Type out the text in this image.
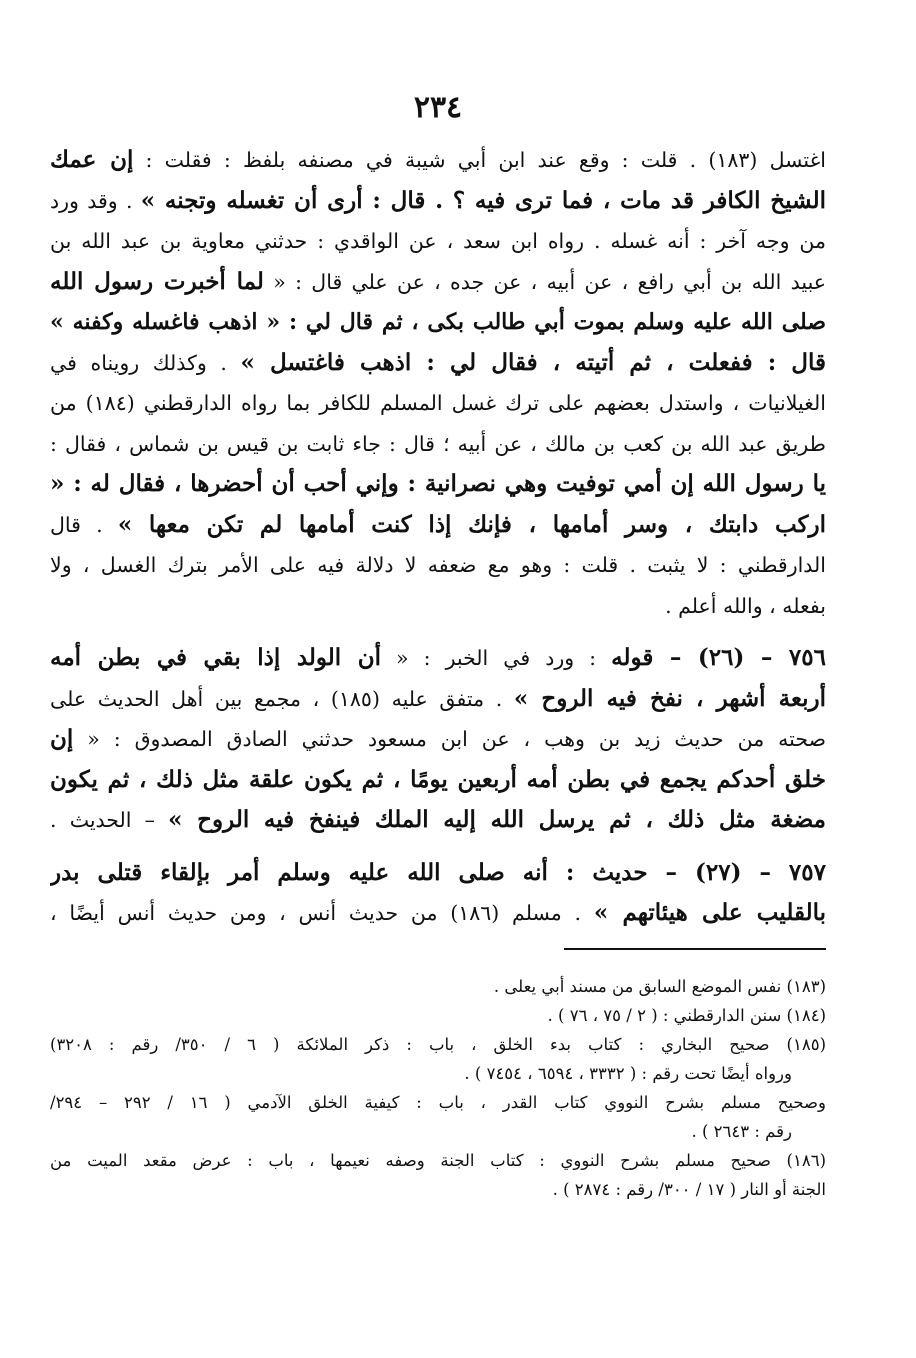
٢٣٤
اغتسل (١٨٣) . قلت : وقع عند ابن أبي شيبة في مصنفه بلفظ : فقلت : إن عمك
الشيخ الكافر قد مات ، فما ترى فيه ؟ . قال : أرى أن تغسله وتجنه » . وقد ورد
من وجه آخر : أنه غسله . رواه ابن سعد ، عن الواقدي : حدثني معاوية بن عبد الله بن
عبيد الله بن أبي رافع ، عن أبيه ، عن جده ، عن علي قال : « لما أخبرت رسول الله
صلى الله عليه وسلم بموت أبي طالب بكى ، ثم قال لي : « اذهب فاغسله وكفنه »
قال : ففعلت ، ثم أتيته ، فقال لي : اذهب فاغتسل » . وكذلك رويناه في
الغيلانيات ، واستدل بعضهم على ترك غسل المسلم للكافر بما رواه الدارقطني (١٨٤) من
طريق عبد الله بن كعب بن مالك ، عن أبيه ؛ قال : جاء ثابت بن قيس بن شماس ، فقال :
يا رسول الله إن أمي توفيت وهي نصرانية : وإني أحب أن أحضرها ، فقال له : «
اركب دابتك ، وسر أمامها ، فإنك إذا كنت أمامها لم تكن معها » . قال
الدارقطني : لا يثبت . قلت : وهو مع ضعفه لا دلالة فيه على الأمر بترك الغسل ، ولا
بفعله ، والله أعلم .
٧٥٦ – (٢٦) – قوله : ورد في الخبر : « أن الولد إذا بقي في بطن أمه
أربعة أشهر ، نفخ فيه الروح » . متفق عليه (١٨٥) ، مجمع بين أهل الحديث على
صحته من حديث زيد بن وهب ، عن ابن مسعود حدثني الصادق المصدوق : « إن
خلق أحدكم يجمع في بطن أمه أربعين يومًا ، ثم يكون علقة مثل ذلك ، ثم يكون
مضغة مثل ذلك ، ثم يرسل الله إليه الملك فينفخ فيه الروح » – الحديث .
٧٥٧ – (٢٧) – حديث : أنه صلى الله عليه وسلم أمر بإلقاء قتلى بدر
بالقليب على هيئاتهم » . مسلم (١٨٦) من حديث أنس ، ومن حديث أنس أيضًا ،
(١٨٣) نفس الموضع السابق من مسند أبي يعلى .
(١٨٤) سنن الدارقطني : ( ٢ / ٧٥ ، ٧٦ ) .
(١٨٥) صحيح البخاري : كتاب بدء الخلق ، باب : ذكر الملائكة ( ٦ / ٣٥٠/ رقم : ٣٢٠٨)
ورواه أيضًا تحت رقم : ( ٣٣٣٢ ، ٦٥٩٤ ، ٧٤٥٤ ) .
وصحيح مسلم بشرح النووي كتاب القدر ، باب : كيفية الخلق الآدمي ( ١٦ / ٢٩٢ – ٢٩٤/
رقم : ٢٦٤٣ ) .
(١٨٦) صحيح مسلم بشرح النووي : كتاب الجنة وصفه نعيمها ، باب : عرض مقعد الميت من
الجنة أو النار ( ١٧ / ٣٠٠/ رقم : ٢٨٧٤ ) .
